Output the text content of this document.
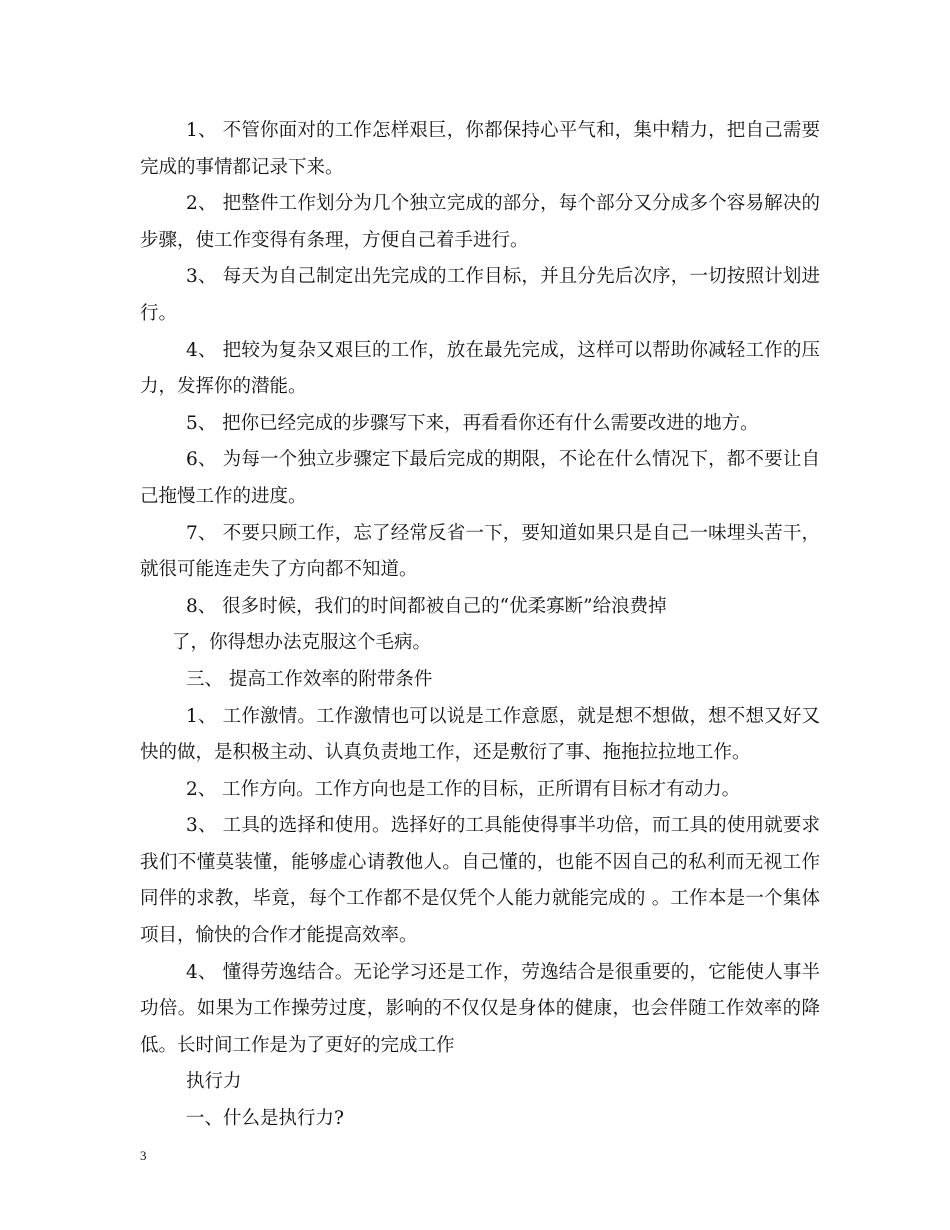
1、 不管你面对的工作怎样艰巨，你都保持心平气和，集中精力，把自己需要完成的事情都记录下来。

2、 把整件工作划分为几个独立完成的部分，每个部分又分成多个容易解决的步骤，使工作变得有条理，方便自己着手进行。

3、 每天为自己制定出先完成的工作目标，并且分先后次序，一切按照计划进行。

4、 把较为复杂又艰巨的工作，放在最先完成，这样可以帮助你减轻工作的压力，发挥你的潜能。

5、 把你已经完成的步骤写下来，再看看你还有什么需要改进的地方。

6、 为每一个独立步骤定下最后完成的期限，不论在什么情况下，都不要让自己拖慢工作的进度。

7、 不要只顾工作，忘了经常反省一下，要知道如果只是自己一味埋头苦干，就很可能连走失了方向都不知道。

8、 很多时候，我们的时间都被自己的“优柔寡断”给浪费掉

了，你得想办法克服这个毛病。

三、 提高工作效率的附带条件

1、 工作激情。工作激情也可以说是工作意愿，就是想不想做，想不想又好又快的做，是积极主动、认真负责地工作，还是敷衍了事、拖拖拉拉地工作。

2、 工作方向。工作方向也是工作的目标，正所谓有目标才有动力。

3、 工具的选择和使用。选择好的工具能使得事半功倍，而工具的使用就要求我们不懂莫装懂，能够虚心请教他人。自己懂的，也能不因自己的私利而无视工作同伴的求教，毕竟，每个工作都不是仅凭个人能力就能完成的 。工作本是一个集体项目，愉快的合作才能提高效率。

4、 懂得劳逸结合。无论学习还是工作，劳逸结合是很重要的，它能使人事半功倍。如果为工作操劳过度，影响的不仅仅是身体的健康，也会伴随工作效率的降低。长时间工作是为了更好的完成工作

执行力

一、什么是执行力?

3
